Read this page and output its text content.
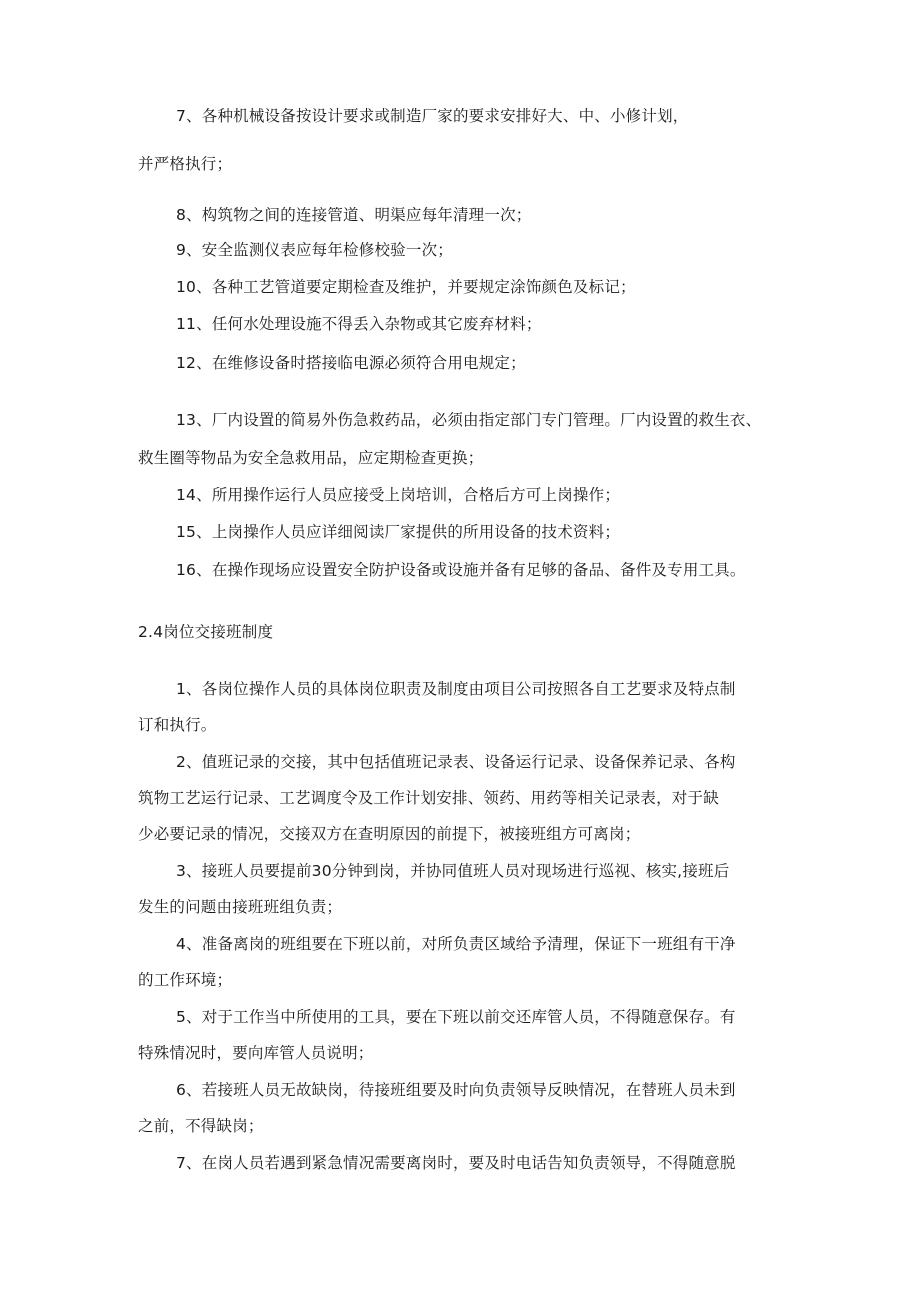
7、各种机械设备按设计要求或制造厂家的要求安排好大、中、小修计划，
并严格执行；
8、构筑物之间的连接管道、明渠应每年清理一次；
9、安全监测仪表应每年检修校验一次；
10、各种工艺管道要定期检查及维护，并要规定涂饰颜色及标记；
11、任何水处理设施不得丢入杂物或其它废弃材料；
12、在维修设备时搭接临电源必须符合用电规定；
13、厂内设置的简易外伤急救药品，必须由指定部门专门管理。厂内设置的救生衣、
救生圈等物品为安全急救用品，应定期检查更换；
14、所用操作运行人员应接受上岗培训，合格后方可上岗操作；
15、上岗操作人员应详细阅读厂家提供的所用设备的技术资料；
16、在操作现场应设置安全防护设备或设施并备有足够的备品、备件及专用工具。
2.4岗位交接班制度
1、各岗位操作人员的具体岗位职责及制度由项目公司按照各自工艺要求及特点制
订和执行。
2、值班记录的交接，其中包括值班记录表、设备运行记录、设备保养记录、各构
筑物工艺运行记录、工艺调度令及工作计划安排、领药、用药等相关记录表，对于缺
少必要记录的情况，交接双方在查明原因的前提下，被接班组方可离岗；
3、接班人员要提前30分钟到岗，并协同值班人员对现场进行巡视、核实,接班后
发生的问题由接班班组负责；
4、准备离岗的班组要在下班以前，对所负责区域给予清理，保证下一班组有干净
的工作环境；
5、对于工作当中所使用的工具，要在下班以前交还库管人员，不得随意保存。有
特殊情况时，要向库管人员说明；
6、若接班人员无故缺岗，待接班组要及时向负责领导反映情况，在替班人员未到
之前，不得缺岗；
7、在岗人员若遇到紧急情况需要离岗时，要及时电话告知负责领导，不得随意脱
